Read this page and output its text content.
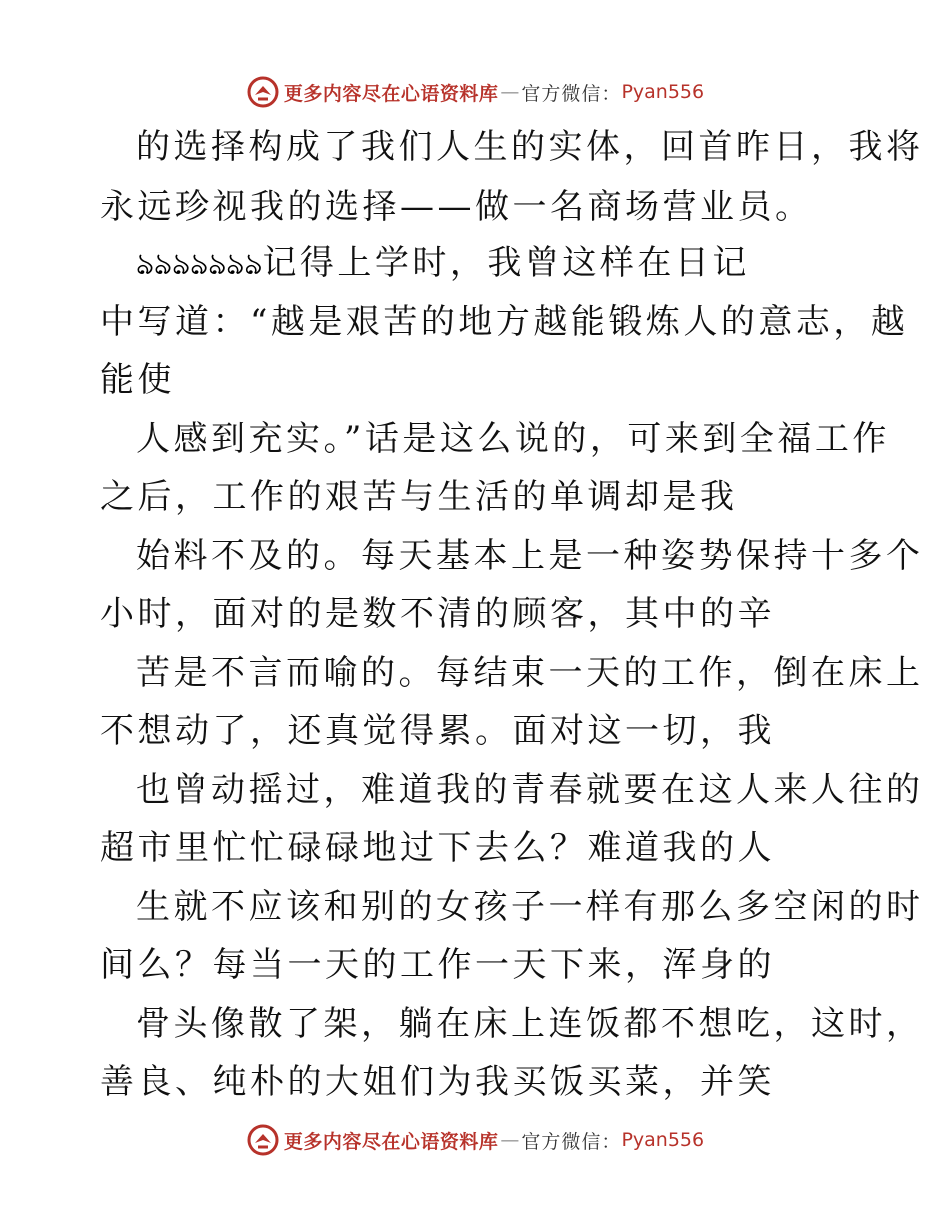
更多内容尽在心语资料库 — 官方微信： Pyan556
的选择构成了我们人生的实体，回首昨日，我将
永远珍视我的选择——做一名商场营业员。
ঌঌঌঌঌঌঌ记得上学时，我曾这样在日记
中写道：“越是艰苦的地方越能锻炼人的意志，越
能使
人感到充实。”话是这么说的，可来到全福工作
之后，工作的艰苦与生活的单调却是我
始料不及的。每天基本上是一种姿势保持十多个
小时，面对的是数不清的顾客，其中的辛
苦是不言而喻的。每结束一天的工作，倒在床上
不想动了，还真觉得累。面对这一切，我
也曾动摇过，难道我的青春就要在这人来人往的
超市里忙忙碌碌地过下去么？难道我的人
生就不应该和别的女孩子一样有那么多空闲的时
间么？每当一天的工作一天下来，浑身的
骨头像散了架，躺在床上连饭都不想吃，这时，
善良、纯朴的大姐们为我买饭买菜，并笑
更多内容尽在心语资料库 — 官方微信： Pyan556
